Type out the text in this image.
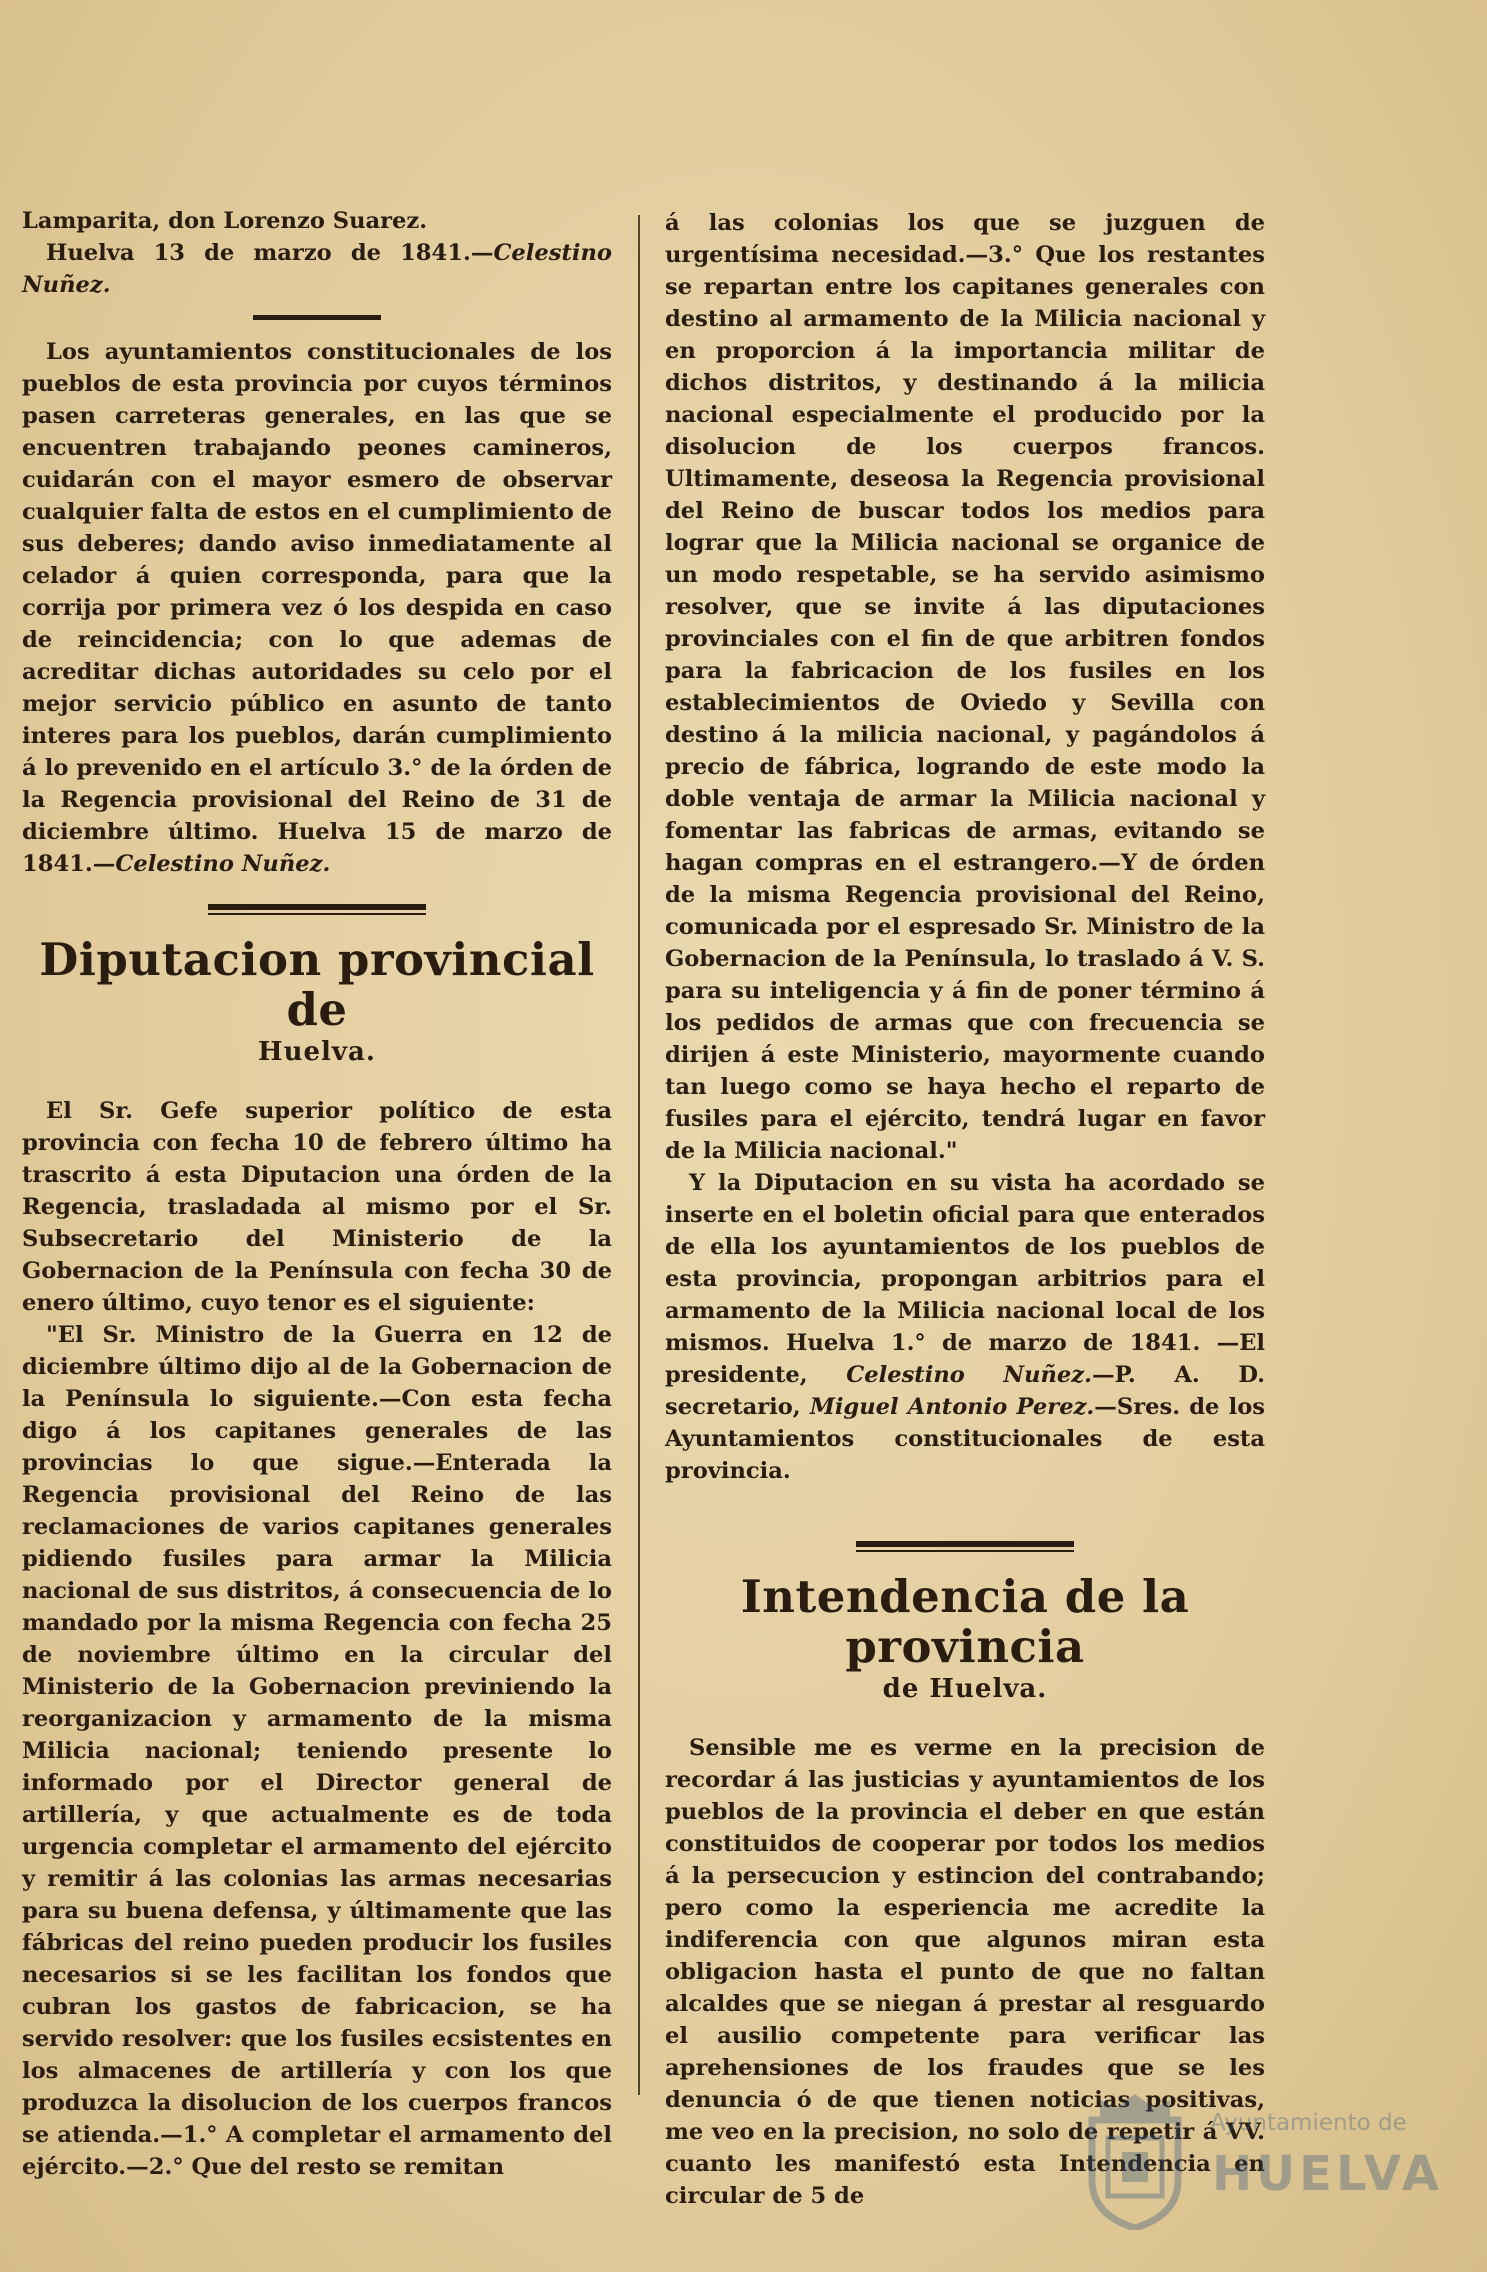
Lamparita, don Lorenzo Suarez.

Huelva 13 de marzo de 1841.—Celestino Nuñez.

Los ayuntamientos constitucionales de los pueblos de esta provincia por cuyos términos pasen carreteras generales, en las que se encuentren trabajando peones camineros, cuidarán con el mayor esmero de observar cualquier falta de estos en el cumplimiento de sus deberes; dando aviso inmediatamente al celador á quien corresponda, para que la corrija por primera vez ó los despida en caso de reincidencia; con lo que ademas de acreditar dichas autoridades su celo por el mejor servicio público en asunto de tanto interes para los pueblos, darán cumplimiento á lo prevenido en el artículo 3.° de la órden de la Regencia provisional del Reino de 31 de diciembre último. Huelva 15 de marzo de 1841.—Celestino Nuñez.

Diputacion provincial de
Huelva.

El Sr. Gefe superior político de esta provincia con fecha 10 de febrero último ha trascrito á esta Diputacion una órden de la Regencia, trasladada al mismo por el Sr. Subsecretario del Ministerio de la Gobernacion de la Península con fecha 30 de enero último, cuyo tenor es el siguiente:

"El Sr. Ministro de la Guerra en 12 de diciembre último dijo al de la Gobernacion de la Península lo siguiente.—Con esta fecha digo á los capitanes generales de las provincias lo que sigue.—Enterada la Regencia provisional del Reino de las reclamaciones de varios capitanes generales pidiendo fusiles para armar la Milicia nacional de sus distritos, á consecuencia de lo mandado por la misma Regencia con fecha 25 de noviembre último en la circular del Ministerio de la Gobernacion previniendo la reorganizacion y armamento de la misma Milicia nacional; teniendo presente lo informado por el Director general de artillería, y que actualmente es de toda urgencia completar el armamento del ejército y remitir á las colonias las armas necesarias para su buena defensa, y últimamente que las fábricas del reino pueden producir los fusiles necesarios si se les facilitan los fondos que cubran los gastos de fabricacion, se ha servido resolver: que los fusiles ecsistentes en los almacenes de artillería y con los que produzca la disolucion de los cuerpos francos se atienda.—1.° A completar el armamento del ejército.—2.° Que del resto se remitan

á las colonias los que se juzguen de urgentísima necesidad.—3.° Que los restantes se repartan entre los capitanes generales con destino al armamento de la Milicia nacional y en proporcion á la importancia militar de dichos distritos, y destinando á la milicia nacional especialmente el producido por la disolucion de los cuerpos francos. Ultimamente, deseosa la Regencia provisional del Reino de buscar todos los medios para lograr que la Milicia nacional se organice de un modo respetable, se ha servido asimismo resolver, que se invite á las diputaciones provinciales con el fin de que arbitren fondos para la fabricacion de los fusiles en los establecimientos de Oviedo y Sevilla con destino á la milicia nacional, y pagándolos á precio de fábrica, logrando de este modo la doble ventaja de armar la Milicia nacional y fomentar las fabricas de armas, evitando se hagan compras en el estrangero.—Y de órden de la misma Regencia provisional del Reino, comunicada por el espresado Sr. Ministro de la Gobernacion de la Península, lo traslado á V. S. para su inteligencia y á fin de poner término á los pedidos de armas que con frecuencia se dirijen á este Ministerio, mayormente cuando tan luego como se haya hecho el reparto de fusiles para el ejército, tendrá lugar en favor de la Milicia nacional."

Y la Diputacion en su vista ha acordado se inserte en el boletin oficial para que enterados de ella los ayuntamientos de los pueblos de esta provincia, propongan arbitrios para el armamento de la Milicia nacional local de los mismos. Huelva 1.° de marzo de 1841. —El presidente, Celestino Nuñez.—P. A. D. secretario, Miguel Antonio Perez.—Sres. de los Ayuntamientos constitucionales de esta provincia.

Intendencia de la provincia
de Huelva.

Sensible me es verme en la precision de recordar á las justicias y ayuntamientos de los pueblos de la provincia el deber en que están constituidos de cooperar por todos los medios á la persecucion y estincion del contrabando; pero como la esperiencia me acredite la indiferencia con que algunos miran esta obligacion hasta el punto de que no faltan alcaldes que se niegan á prestar al resguardo el ausilio competente para verificar las aprehensiones de los fraudes que se les denuncia ó de que tienen noticias positivas, me veo en la precision, no solo de repetir á VV. cuanto les manifestó esta Intendencia en circular de 5 de

Ayuntamiento de
HUELVA
